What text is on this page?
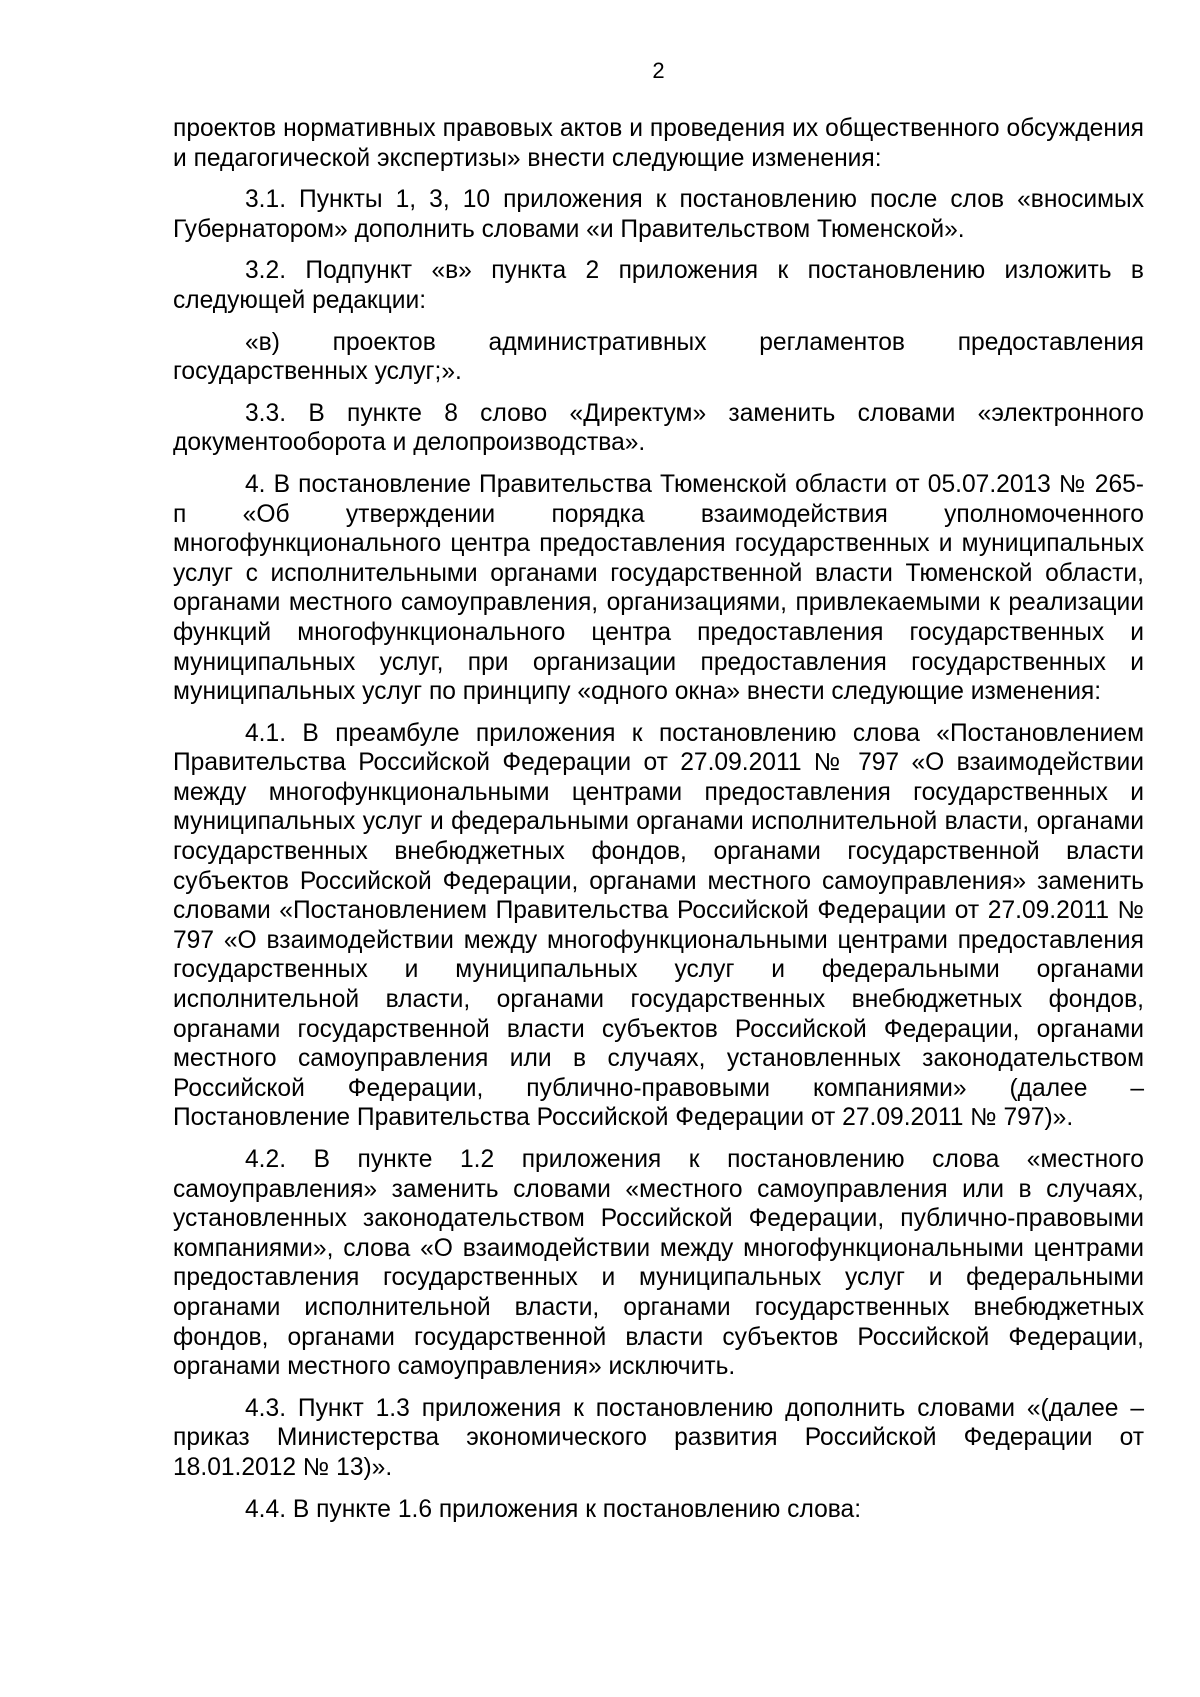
2

проектов нормативных правовых актов и проведения их общественного обсуждения и педагогической экспертизы» внести следующие изменения:

3.1. Пункты 1, 3, 10 приложения к постановлению после слов «вносимых Губернатором» дополнить словами «и Правительством Тюменской».

3.2. Подпункт «в» пункта 2 приложения к постановлению изложить в следующей редакции:

«в) проектов административных регламентов предоставления государственных услуг;».

3.3. В пункте 8 слово «Директум» заменить словами «электронного документооборота и делопроизводства».

4. В постановление Правительства Тюменской области от 05.07.2013 № 265-п «Об утверждении порядка взаимодействия уполномоченного многофункционального центра предоставления государственных и муниципальных услуг с исполнительными органами государственной власти Тюменской области, органами местного самоуправления, организациями, привлекаемыми к реализации функций многофункционального центра предоставления государственных и муниципальных услуг, при организации предоставления государственных и муниципальных услуг по принципу «одного окна» внести следующие изменения:

4.1. В преамбуле приложения к постановлению слова «Постановлением Правительства Российской Федерации от 27.09.2011 № 797 «О взаимодействии между многофункциональными центрами предоставления государственных и муниципальных услуг и федеральными органами исполнительной власти, органами государственных внебюджетных фондов, органами государственной власти субъектов Российской Федерации, органами местного самоуправления» заменить словами «Постановлением Правительства Российской Федерации от 27.09.2011 № 797 «О взаимодействии между многофункциональными центрами предоставления государственных и муниципальных услуг и федеральными органами исполнительной власти, органами государственных внебюджетных фондов, органами государственной власти субъектов Российской Федерации, органами местного самоуправления или в случаях, установленных законодательством Российской Федерации, публично-правовыми компаниями» (далее – Постановление Правительства Российской Федерации от 27.09.2011 № 797)».

4.2. В пункте 1.2 приложения к постановлению слова «местного самоуправления» заменить словами «местного самоуправления или в случаях, установленных законодательством Российской Федерации, публично-правовыми компаниями», слова «О взаимодействии между многофункциональными центрами предоставления государственных и муниципальных услуг и федеральными органами исполнительной власти, органами государственных внебюджетных фондов, органами государственной власти субъектов Российской Федерации, органами местного самоуправления» исключить.

4.3. Пункт 1.3 приложения к постановлению дополнить словами «(далее – приказ Министерства экономического развития Российской Федерации от 18.01.2012 № 13)».

4.4. В пункте 1.6 приложения к постановлению слова:
